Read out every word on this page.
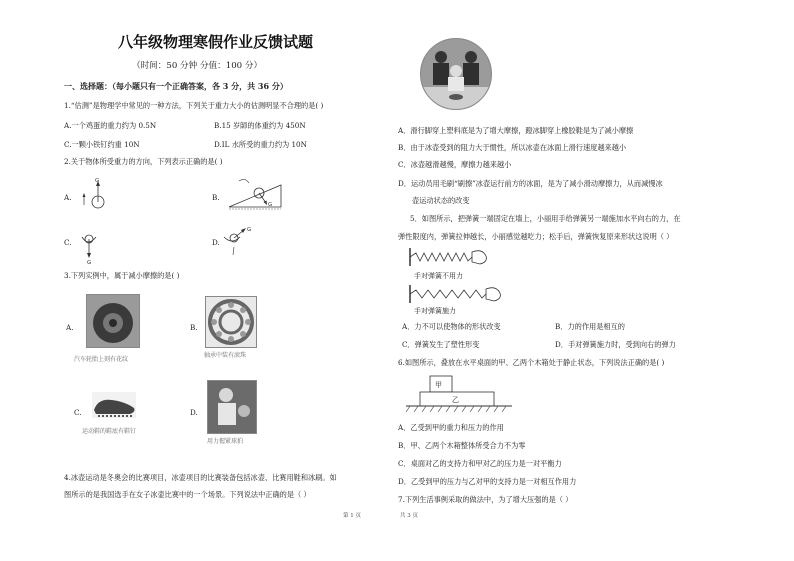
八年级物理寒假作业反馈试题
（时间：50 分钟 分值：100 分）
一、选择题：（每小题只有一个正确答案，各 3 分，共 36 分）
1.“估测”是物理学中常见的一种方法，下列关于重力大小的估测明显不合理的是( )
A.一个鸡蛋的重力约为 0.5N	B.15 岁師的体重约为 450N
C.一颗小铁钉约重 10N	D.IL 水所受的重力约为 10N
2.关于物体所受重力的方向，下列表示正确的是( )
A.
G
B.
G
C.
G
D.
G
3.下列实例中，属于减小摩擦的是( )
A.
汽车轮胎上刻有花纹
B.
轴承中装有滚珠
C.
运动鞋的鞋底有鞋钉
D.
用力握紧球拍
4.冰壶运动是冬奥会的比赛项目，冰壶项目的比赛装备包括冰壶、比赛用鞋和冰刷。如
图所示的是我国选手在女子冰壶比赛中的一个场景。下列说法中正确的是（ ）
A．滑行脚穿上塑料底是为了增大摩擦，蹬冰脚穿上橡胶鞋是为了减小摩擦
B．由于冰壶受到的阻力大于惯性，所以冰壶在冰面上滑行速度越来越小
C．冰壶越滑越慢，摩擦力越来越小
D．运动员用毛刷“刷擦”冰壶运行前方的冰面，是为了减小滑动摩擦力，从而减慢冰
壶运动状态的改变
5．如图所示，把弹簧一端固定在墙上，小丽用手给弹簧另一端施加水平向右的力，在
弹性限度内，弹簧拉伸越长，小丽感觉越吃力；松手后，弹簧恢复原来形状这说明（ ）
手对弹簧不用力
手对弹簧施力
A．力不可以使物体的形状改变	B．力的作用是相互的
C．弹簧发生了塑性形变	D．手对弹簧施力时，受到向右的弹力
6.如图所示，叠放在水平桌面的甲、乙两个木箱处于静止状态，下列说法正确的是( )
甲
乙
A．乙受到甲的重力和压力的作用
B．甲、乙两个木箱整体所受合力不为零
C．桌面对乙的支持力和甲对乙的压力是一对平衡力
D．乙受到甲的压力与乙对甲的支持力是一对相互作用力
7.下列生活事例采取的做法中，为了增大压强的是（ ）
第 1 页	共 3 页
